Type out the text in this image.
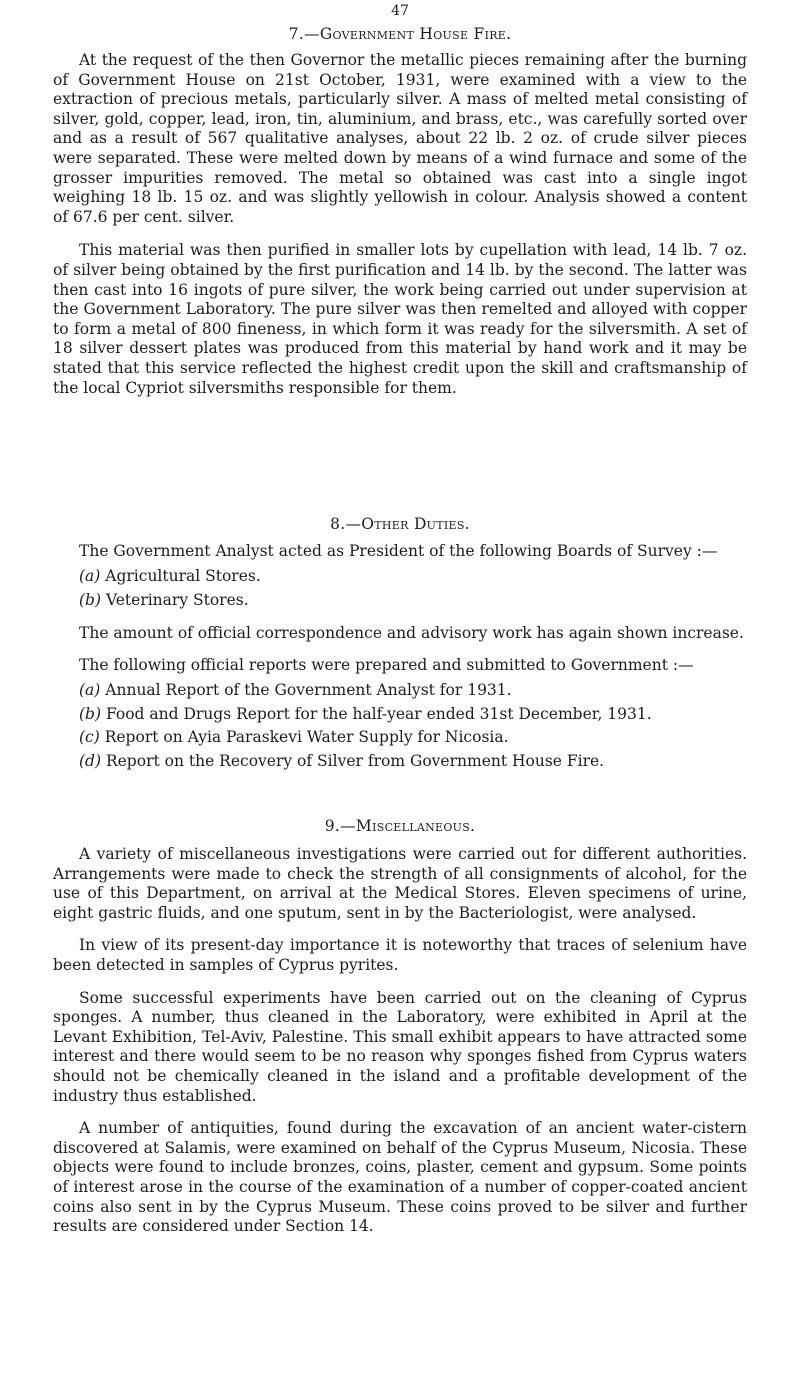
47
7.—Government House Fire.

At the request of the then Governor the metallic pieces remaining after the burning of Government House on 21st October, 1931, were examined with a view to the extraction of precious metals, particularly silver. A mass of melted metal consisting of silver, gold, copper, lead, iron, tin, aluminium, and brass, etc., was carefully sorted over and as a result of 567 qualitative analyses, about 22 lb. 2 oz. of crude silver pieces were separated. These were melted down by means of a wind furnace and some of the grosser impurities removed. The metal so obtained was cast into a single ingot weighing 18 lb. 15 oz. and was slightly yellowish in colour. Analysis showed a content of 67.6 per cent. silver.

This material was then purified in smaller lots by cupellation with lead, 14 lb. 7 oz. of silver being obtained by the first purification and 14 lb. by the second. The latter was then cast into 16 ingots of pure silver, the work being carried out under supervision at the Government Laboratory. The pure silver was then remelted and alloyed with copper to form a metal of 800 fineness, in which form it was ready for the silversmith. A set of 18 silver dessert plates was produced from this material by hand work and it may be stated that this service reflected the highest credit upon the skill and craftsmanship of the local Cypriot silversmiths responsible for them.

8.—Other Duties.

The Government Analyst acted as President of the following Boards of Survey :—

(a) Agricultural Stores.
(b) Veterinary Stores.

The amount of official correspondence and advisory work has again shown increase.

The following official reports were prepared and submitted to Government :—

(a) Annual Report of the Government Analyst for 1931.
(b) Food and Drugs Report for the half-year ended 31st December, 1931.
(c) Report on Ayia Paraskevi Water Supply for Nicosia.
(d) Report on the Recovery of Silver from Government House Fire.
9.—Miscellaneous.

A variety of miscellaneous investigations were carried out for different authorities. Arrangements were made to check the strength of all consignments of alcohol, for the use of this Department, on arrival at the Medical Stores. Eleven specimens of urine, eight gastric fluids, and one sputum, sent in by the Bacteriologist, were analysed.

In view of its present-day importance it is noteworthy that traces of selenium have been detected in samples of Cyprus pyrites.

Some successful experiments have been carried out on the cleaning of Cyprus sponges. A number, thus cleaned in the Laboratory, were exhibited in April at the Levant Exhibition, Tel-Aviv, Palestine. This small exhibit appears to have attracted some interest and there would seem to be no reason why sponges fished from Cyprus waters should not be chemically cleaned in the island and a profitable development of the industry thus established.

A number of antiquities, found during the excavation of an ancient water-cistern discovered at Salamis, were examined on behalf of the Cyprus Museum, Nicosia. These objects were found to include bronzes, coins, plaster, cement and gypsum. Some points of interest arose in the course of the examination of a number of copper-coated ancient coins also sent in by the Cyprus Museum. These coins proved to be silver and further results are considered under Section 14.
